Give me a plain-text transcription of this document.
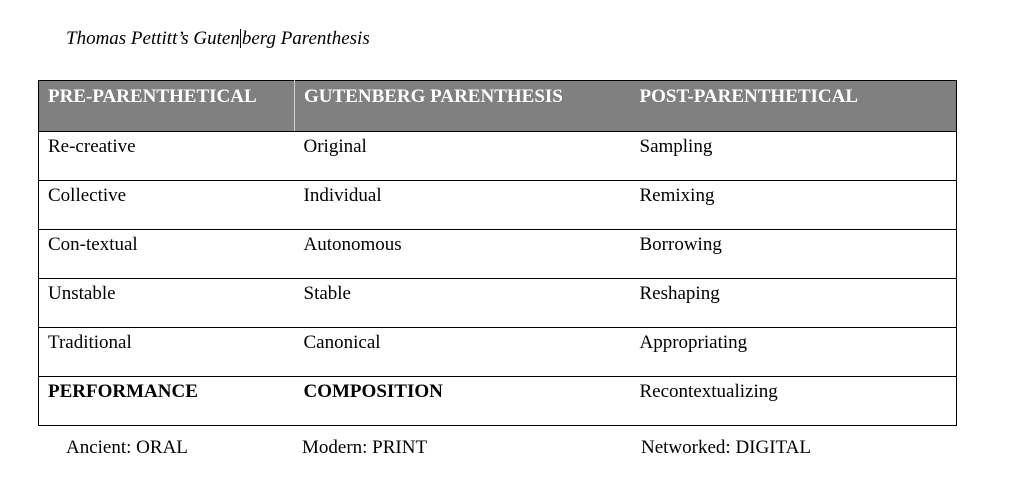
Thomas Pettitt’s Guten berg Parenthesis
PRE-PARENTHETICAL	GUTENBERG PARENTHESIS	POST-PARENTHETICAL
Re-creative	Original	Sampling
Collective	Individual	Remixing
Con-textual	Autonomous	Borrowing
Unstable	Stable	Reshaping
Traditional	Canonical	Appropriating
PERFORMANCE	COMPOSITION	Recontextualizing
Ancient: ORAL	Modern: PRINT	Networked: DIGITAL
